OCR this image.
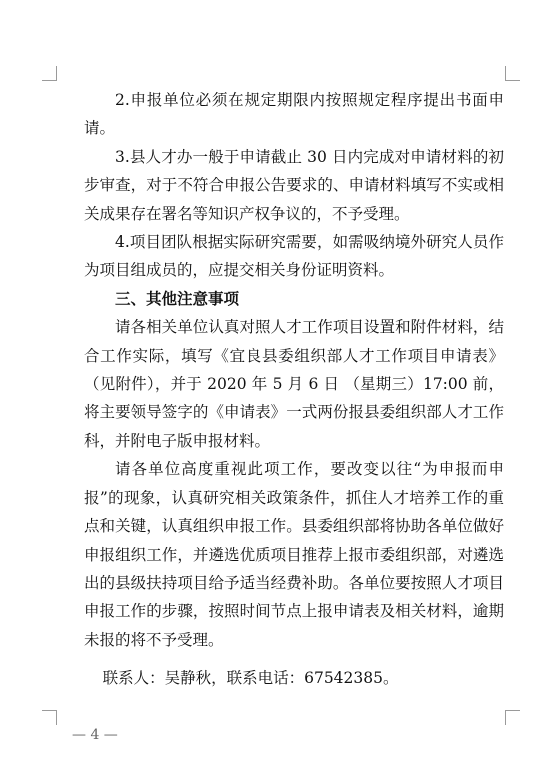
2.申报单位必须在规定期限内按照规定程序提出书面申请。

3.县人才办一般于申请截止 30 日内完成对申请材料的初步审查，对于不符合申报公告要求的、申请材料填写不实或相关成果存在署名等知识产权争议的，不予受理。

4.项目团队根据实际研究需要，如需吸纳境外研究人员作为项目组成员的，应提交相关身份证明资料。

三、其他注意事项

请各相关单位认真对照人才工作项目设置和附件材料，结合工作实际，填写《宜良县委组织部人才工作项目申请表》（见附件），并于 2020 年 5 月 6 日 （星期三）17:00 前，将主要领导签字的《申请表》一式两份报县委组织部人才工作科，并附电子版申报材料。

请各单位高度重视此项工作，要改变以往“为申报而申报”的现象，认真研究相关政策条件，抓住人才培养工作的重点和关键，认真组织申报工作。县委组织部将协助各单位做好申报组织工作，并遴选优质项目推荐上报市委组织部，对遴选出的县级扶持项目给予适当经费补助。各单位要按照人才项目申报工作的步骤，按照时间节点上报申请表及相关材料，逾期未报的将不予受理。

联系人：吴静秋，联系电话：67542385。

— 4 —
